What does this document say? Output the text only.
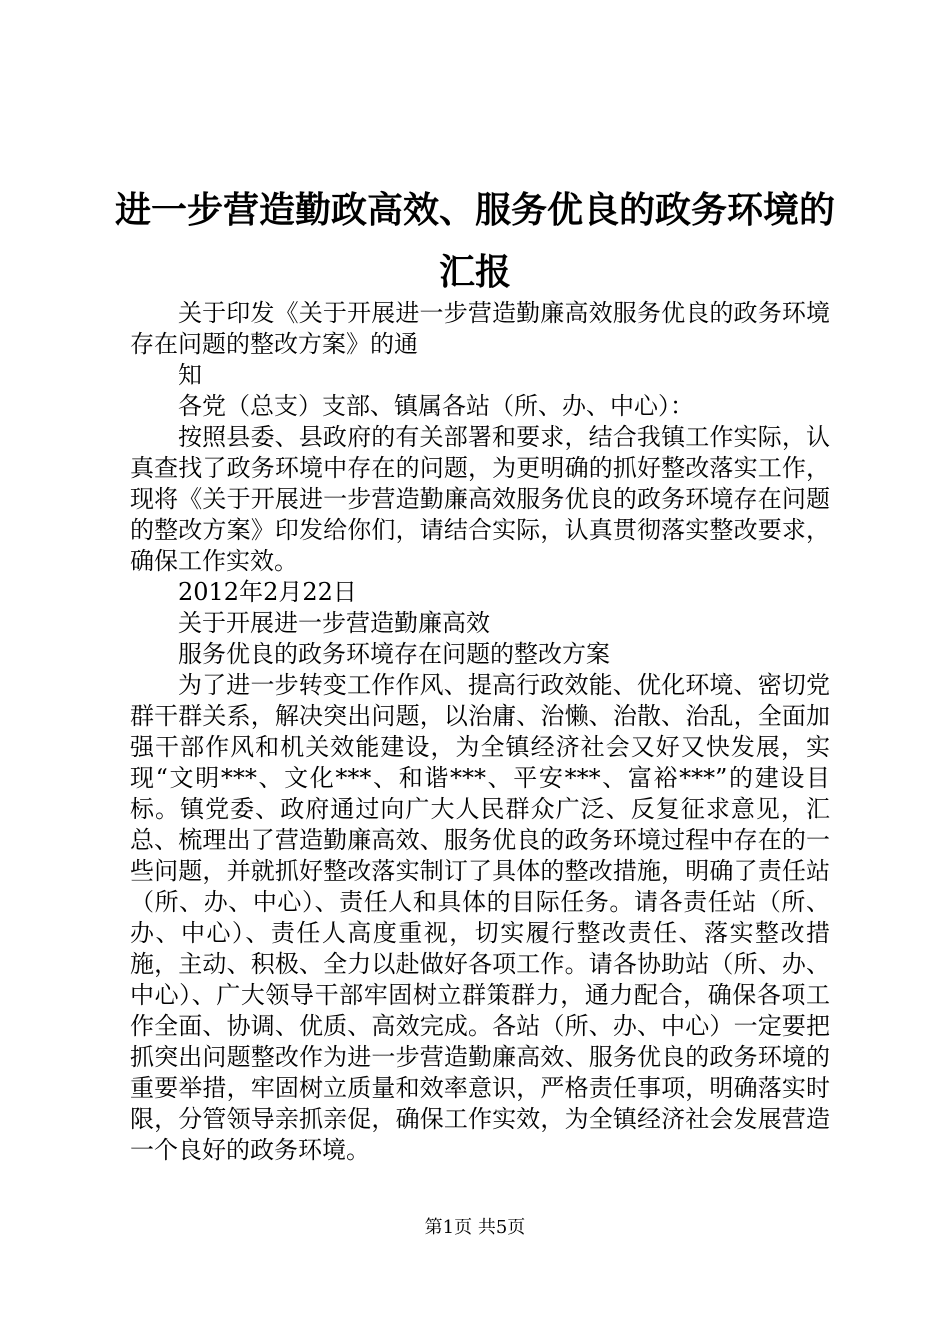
进一步营造勤政高效、服务优良的政务环境的
汇报

关于印发《关于开展进一步营造勤廉高效服务优良的政务环境存在问题的整改方案》的通

知

各党（总支）支部、镇属各站（所、办、中心）：

按照县委、县政府的有关部署和要求，结合我镇工作实际，认真查找了政务环境中存在的问题，为更明确的抓好整改落实工作，现将《关于开展进一步营造勤廉高效服务优良的政务环境存在问题的整改方案》印发给你们，请结合实际，认真贯彻落实整改要求，确保工作实效。

2012年2月22日

关于开展进一步营造勤廉高效

服务优良的政务环境存在问题的整改方案

为了进一步转变工作作风、提高行政效能、优化环境、密切党群干群关系，解决突出问题，以治庸、治懒、治散、治乱，全面加强干部作风和机关效能建设，为全镇经济社会又好又快发展，实现“文明***、文化***、和谐***、平安***、富裕***”的建设目标。镇党委、政府通过向广大人民群众广泛、反复征求意见，汇总、梳理出了营造勤廉高效、服务优良的政务环境过程中存在的一些问题，并就抓好整改落实制订了具体的整改措施，明确了责任站（所、办、中心）、责任人和具体的目际任务。请各责任站（所、办、中心）、责任人高度重视，切实履行整改责任、落实整改措施，主动、积极、全力以赴做好各项工作。请各协助站（所、办、中心）、广大领导干部牢固树立群策群力，通力配合，确保各项工作全面、协调、优质、高效完成。各站（所、办、中心）一定要把抓突出问题整改作为进一步营造勤廉高效、服务优良的政务环境的重要举措，牢固树立质量和效率意识，严格责任事项，明确落实时限，分管领导亲抓亲促，确保工作实效，为全镇经济社会发展营造一个良好的政务环境。

第1页 共5页
